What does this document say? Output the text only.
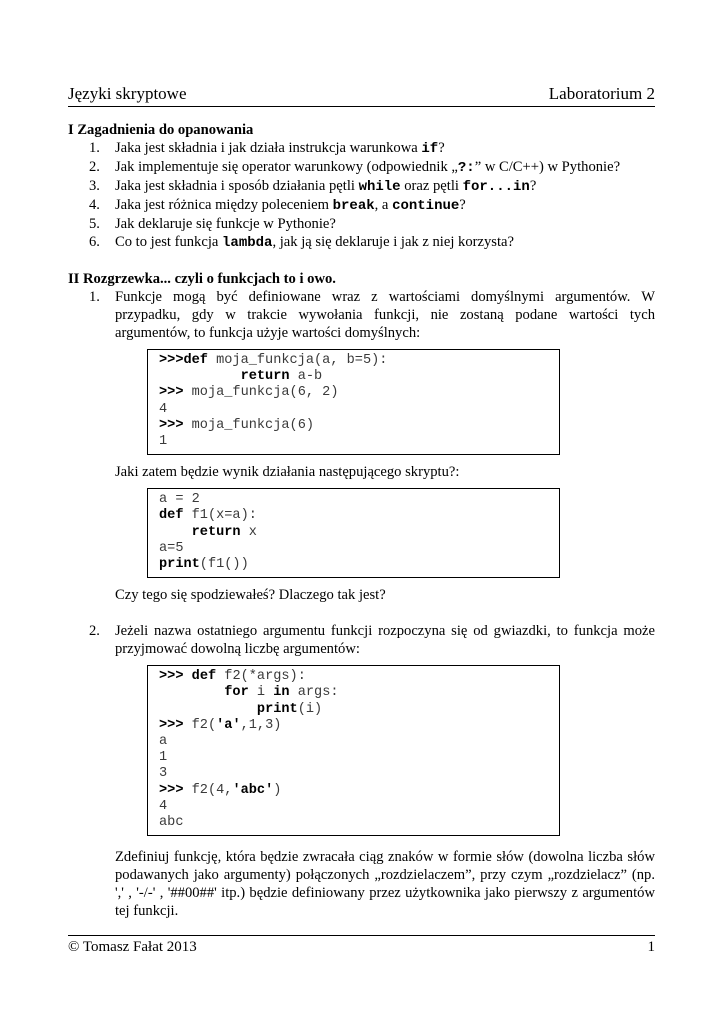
Języki skryptowe	Laboratorium 2

I Zagadnienia do opanowania

1. Jaka jest składnia i jak działa instrukcja warunkowa if?
2. Jak implementuje się operator warunkowy (odpowiednik „?:” w C/C++) w Pythonie?
3. Jaka jest składnia i sposób działania pętli while oraz pętli for...in?
4. Jaka jest różnica między poleceniem break, a continue?
5. Jak deklaruje się funkcje w Pythonie?
6. Co to jest funkcja lambda, jak ją się deklaruje i jak z niej korzysta?

II Rozgrzewka... czyli o funkcjach to i owo.

1. Funkcje mogą być definiowane wraz z wartościami domyślnymi argumentów. W przypadku, gdy w trakcie wywołania funkcji, nie zostaną podane wartości tych argumentów, to funkcja użyje wartości domyślnych:
>>>def moja_funkcja(a, b=5):
return a-b
>>> moja_funkcja(6, 2)
4
>>> moja_funkcja(6)
1
Jaki zatem będzie wynik działania następującego skryptu?:
a = 2
def f1(x=a):
return x
a=5
print(f1())
Czy tego się spodziewałeś? Dlaczego tak jest?
2. Jeżeli nazwa ostatniego argumentu funkcji rozpoczyna się od gwiazdki, to funkcja może przyjmować dowolną liczbę argumentów:
>>> def f2(*args):
for i in args:
print(i)
>>> f2('a',1,3)
a
1
3
>>> f2(4,'abc')
4
abc
Zdefiniuj funkcję, która będzie zwracała ciąg znaków w formie słów (dowolna liczba słów podawanych jako argumenty) połączonych „rozdzielaczem”, przy czym „rozdzielacz” (np. ',' , '-/-' , '##00##' itp.) będzie definiowany przez użytkownika jako pierwszy z argumentów tej funkcji.
© Tomasz Fałat 2013	1
